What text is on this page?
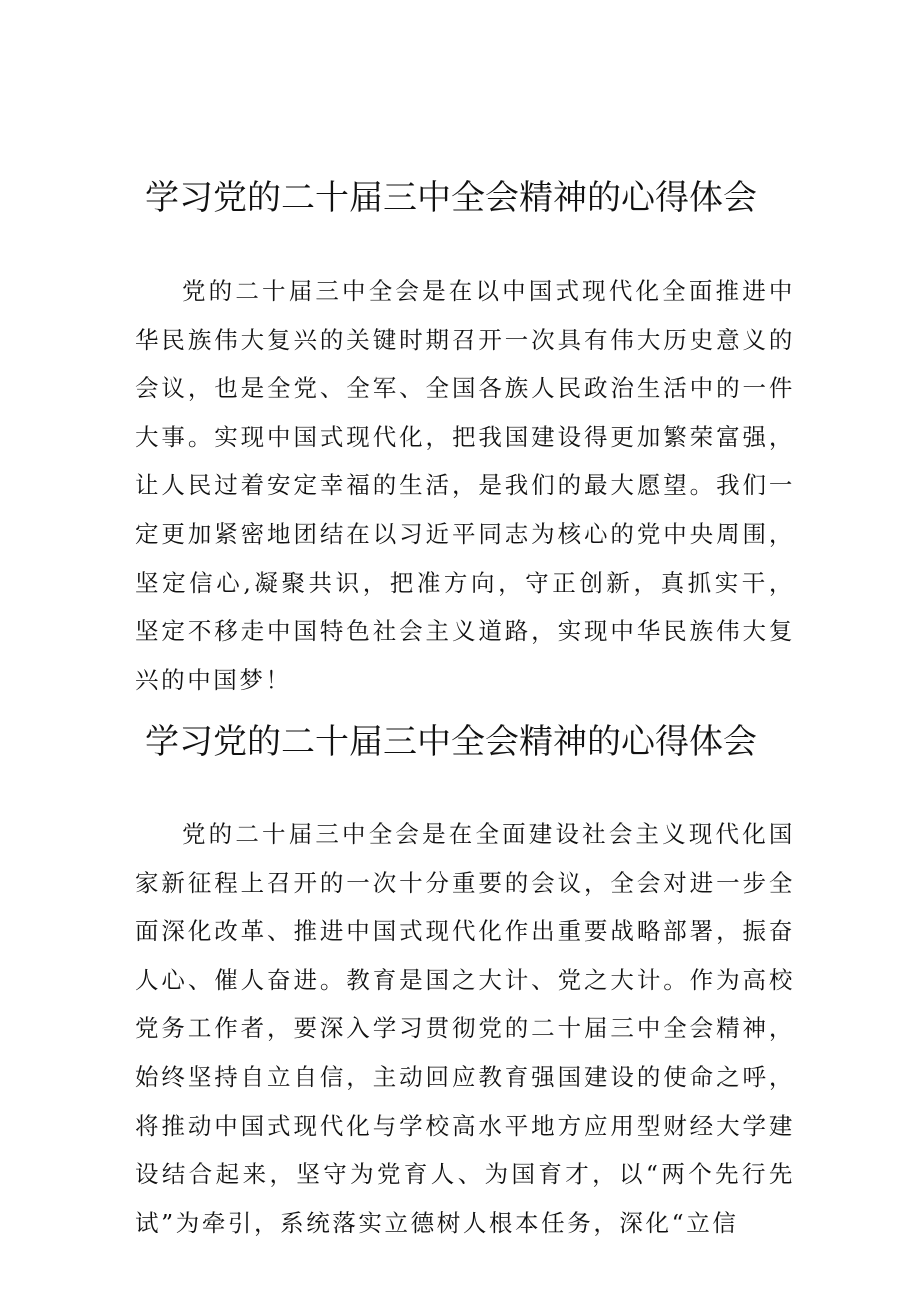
学习党的二十届三中全会精神的心得体会

党的二十届三中全会是在以中国式现代化全面推进中华民族伟大复兴的关键时期召开一次具有伟大历史意义的会议，也是全党、全军、全国各族人民政治生活中的一件大事。实现中国式现代化，把我国建设得更加繁荣富强，让人民过着安定幸福的生活，是我们的最大愿望。我们一定更加紧密地团结在以习近平同志为核心的党中央周围，坚定信心,凝聚共识，把准方向，守正创新，真抓实干，坚定不移走中国特色社会主义道路，实现中华民族伟大复兴的中国梦！

学习党的二十届三中全会精神的心得体会

党的二十届三中全会是在全面建设社会主义现代化国家新征程上召开的一次十分重要的会议，全会对进一步全面深化改革、推进中国式现代化作出重要战略部署，振奋人心、催人奋进。教育是国之大计、党之大计。作为高校党务工作者，要深入学习贯彻党的二十届三中全会精神，始终坚持自立自信，主动回应教育强国建设的使命之呼，将推动中国式现代化与学校高水平地方应用型财经大学建设结合起来，坚守为党育人、为国育才，以“两个先行先试”为牵引，系统落实立德树人根本任务，深化“立信
